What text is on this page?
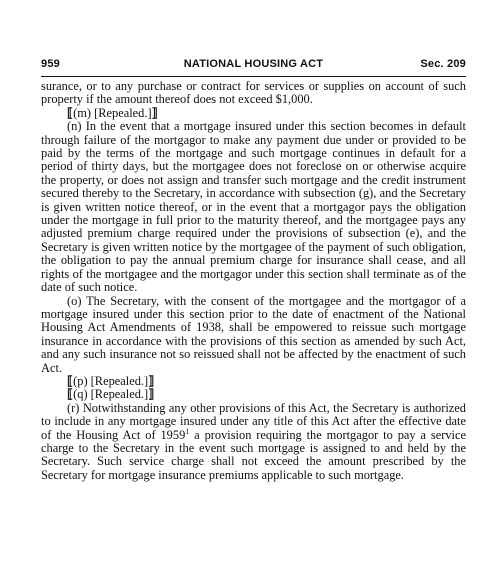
959	NATIONAL HOUSING ACT	Sec. 209

surance, or to any purchase or contract for services or supplies on account of such property if the amount thereof does not exceed $1,000.

⟦(m) [Repealed.]⟧

(n) In the event that a mortgage insured under this section becomes in default through failure of the mortgagor to make any payment due under or provided to be paid by the terms of the mortgage and such mortgage continues in default for a period of thirty days, but the mortgagee does not foreclose on or otherwise acquire the property, or does not assign and transfer such mortgage and the credit instrument secured thereby to the Secretary, in accordance with subsection (g), and the Secretary is given written notice thereof, or in the event that a mortgagor pays the obligation under the mortgage in full prior to the maturity thereof, and the mortgagee pays any adjusted premium charge required under the provisions of subsection (e), and the Secretary is given written notice by the mortgagee of the payment of such obligation, the obligation to pay the annual premium charge for insurance shall cease, and all rights of the mortgagee and the mortgagor under this section shall terminate as of the date of such notice.

(o) The Secretary, with the consent of the mortgagee and the mortgagor of a mortgage insured under this section prior to the date of enactment of the National Housing Act Amendments of 1938, shall be empowered to reissue such mortgage insurance in accordance with the provisions of this section as amended by such Act, and any such insurance not so reissued shall not be affected by the enactment of such Act.

⟦(p) [Repealed.]⟧

⟦(q) [Repealed.]⟧

(r) Notwithstanding any other provisions of this Act, the Secretary is authorized to include in any mortgage insured under any title of this Act after the effective date of the Housing Act of 1959$^1$ a provision requiring the mortgagor to pay a service charge to the Secretary in the event such mortgage is assigned to and held by the Secretary. Such service charge shall not exceed the amount prescribed by the Secretary for mortgage insurance premiums applicable to such mortgage.
